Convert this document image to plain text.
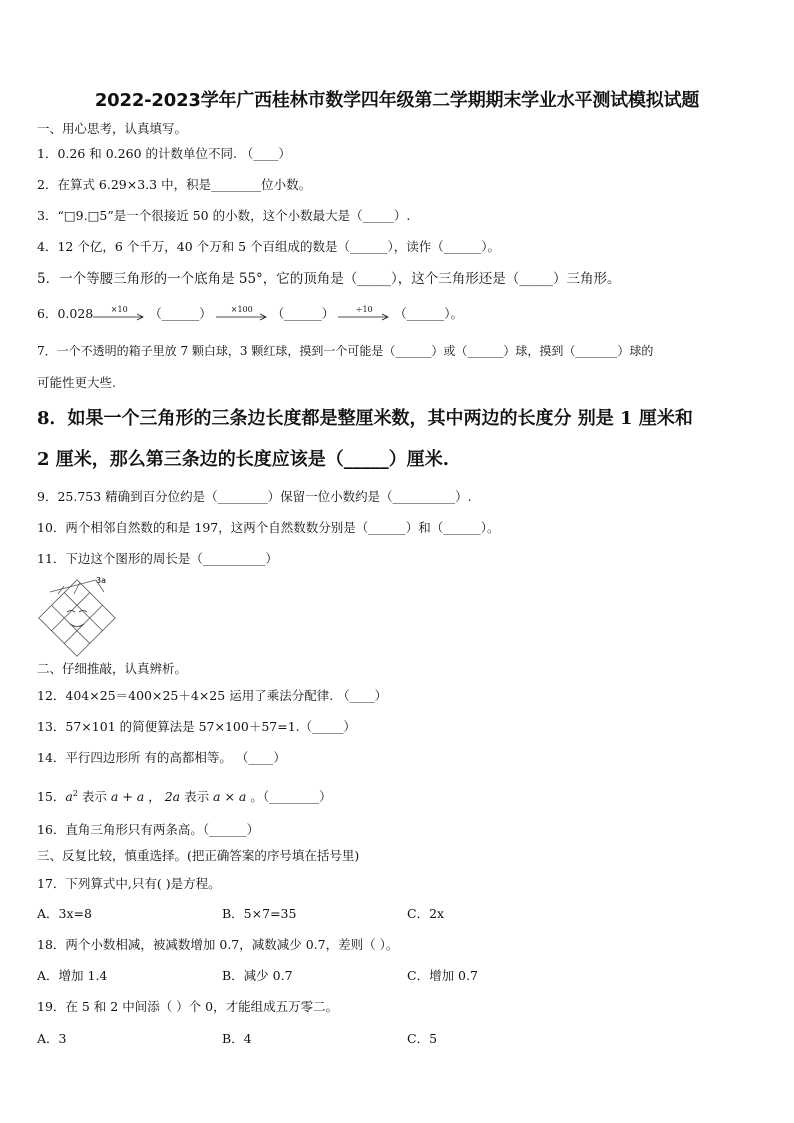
2022-2023学年广西桂林市数学四年级第二学期期末学业水平测试模拟试题
一、用心思考，认真填写。
1．0.26 和 0.260 的计数单位不同. （____）
2．在算式 6.29×3.3 中，积是________位小数。
3．“□9.□5”是一个很接近 50 的小数，这个小数最大是（_____）.
4．12 个亿，6 个千万，40 个万和 5 个百组成的数是（______），读作（______）。
5．一个等腰三角形的一个底角是 55°，它的顶角是（_____），这个三角形还是（_____）三角形。
6．0.028	×10	（______）	×100	（______）	÷10	（______）。
7．一个不透明的箱子里放 7 颗白球，3 颗红球，摸到一个可能是（______）或（______）球，摸到（_______）球的
可能性更大些.
8．如果一个三角形的三条边长度都是整厘米数，其中两边的长度分 别是 1 厘米和
2 厘米，那么第三条边的长度应该是（_____）厘米.
9．25.753 精确到百分位约是（________）保留一位小数约是（__________）.
10．两个相邻自然数的和是 197，这两个自然数数分别是（______）和（______）。
11．下边这个图形的周长是（__________）
3a
二、仔细推敲，认真辨析。
12．404×25＝400×25＋4×25 运用了乘法分配律. （____）
13．57×101 的简便算法是 57×100＋57=1.（_____）
14．平行四边形所 有的高都相等。 （____）
15．$a^2$ 表示 a + a ， 2a 表示 a × a 。（________）
16．直角三角形只有两条高。（______）
三、反复比较，慎重选择。(把正确答案的序号填在括号里)
17．下列算式中,只有( )是方程。
A．3x=8	B．5×7=35	C．2x
18．两个小数相减，被减数增加 0.7，减数减少 0.7，差则（ ）。
A．增加 1.4	B．减少 0.7	C．增加 0.7
19．在 5 和 2 中间添（ ）个 0，才能组成五万零二。
A．3	B．4	C．5
